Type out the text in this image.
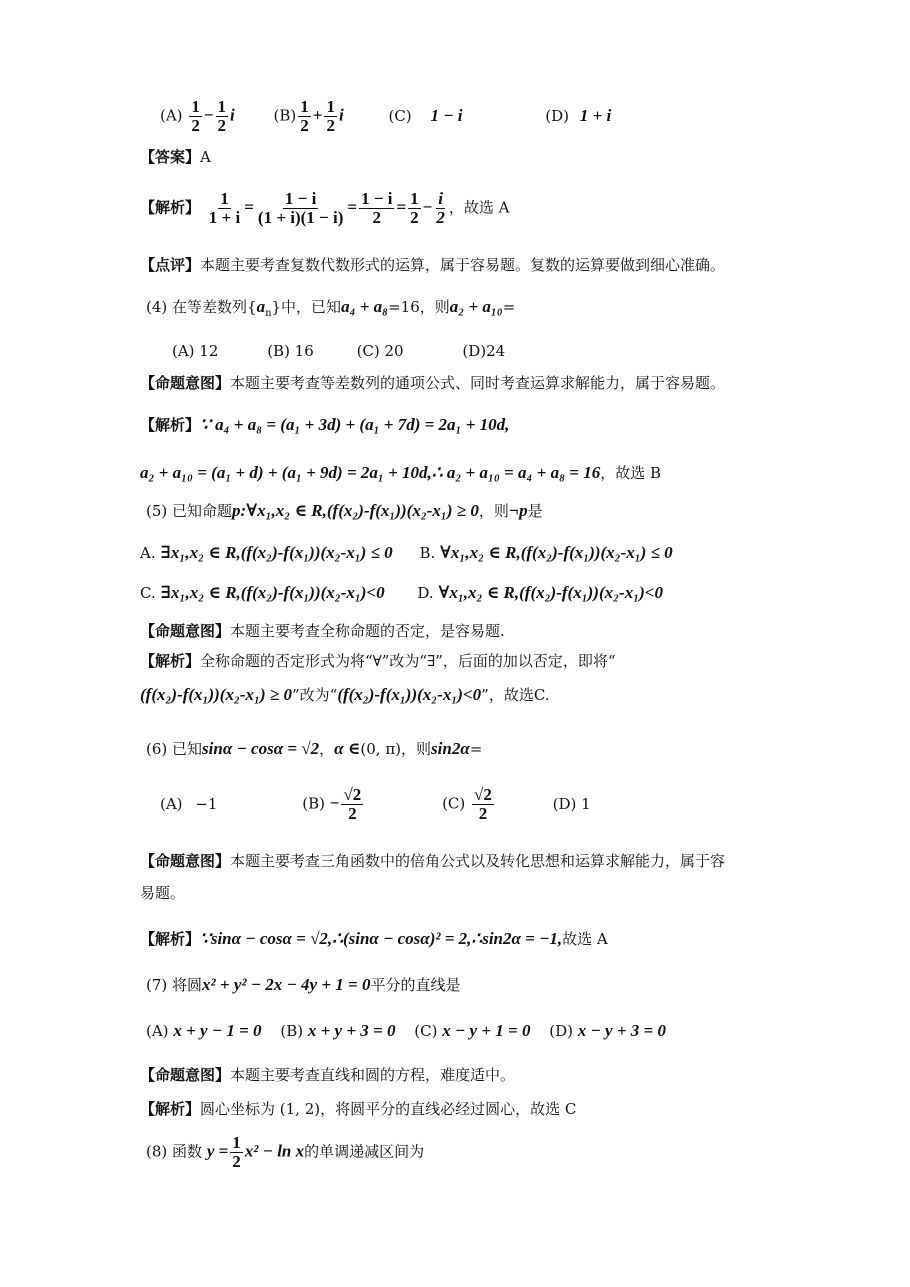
$(A) \frac{1}{2} - \frac{1}{2}$ i	$(B) \frac{1}{2} + \frac{1}{2}$ i	(C) 1 − i	(D) 1 + i
【答案】A
【解析】 $\frac{1}{1 + i} = \frac{1 - i}{(1 + i)(1 - i)} = \frac{1 - i}{2} = \frac{1}{2} - \frac{i}{2}$ ，故选 A
【点评】本题主要考查复数代数形式的运算，属于容易题。复数的运算要做到细心准确。
(4) 在等差数列$\{a_n\}$中，已知a₄ + a₈=16，则a₂ + a₁₀=
(A) 12	(B) 16	(C) 20	(D)24
【命题意图】本题主要考查等差数列的通项公式、同时考查运算求解能力，属于容易题。
【解析】∵ a₄ + a₈ = (a₁ + 3d) + (a₁ + 7d) = 2a₁ + 10d,
a₂ + a₁₀ = (a₁ + d) + (a₁ + 9d) = 2a₁ + 10d,∴ a₂ + a₁₀ = a₄ + a₈ = 16，故选 B
(5) 已知命题p:∀x₁,x₂ ∈ R,(f(x₂)-f(x₁))(x₂-x₁) ≥ 0，则¬p是
A. ∃x₁,x₂ ∈ R,(f(x₂)-f(x₁))(x₂-x₁) ≤ 0 B. ∀x₁,x₂ ∈ R,(f(x₂)-f(x₁))(x₂-x₁) ≤ 0
C. ∃x₁,x₂ ∈ R,(f(x₂)-f(x₁))(x₂-x₁)<0 D. ∀x₁,x₂ ∈ R,(f(x₂)-f(x₁))(x₂-x₁)<0
【命题意图】本题主要考查全称命题的否定，是容易题.
【解析】全称命题的否定形式为将“∀”改为“∃”，后面的加以否定，即将“
(f(x₂)-f(x₁))(x₂-x₁) ≥ 0”改为“(f(x₂)-f(x₁))(x₂-x₁)<0”，故选C.
(6) 已知sinα − cosα = √2，α ∈(0, π)，则sin2α=
(A) −1	$(B) - \frac{√2}{2}$	$(C) \frac{√2}{2}$	(D) 1
【命题意图】本题主要考查三角函数中的倍角公式以及转化思想和运算求解能力，属于容
易题。
【解析】∵sinα − cosα = √2,∴(sinα − cosα)² = 2,∴sin2α = −1,故选 A
(7) 将圆x² + y² − 2x − 4y + 1 = 0平分的直线是
(A) x + y − 1 = 0 (B) x + y + 3 = 0 (C) x − y + 1 = 0 (D) x − y + 3 = 0
【命题意图】本题主要考查直线和圆的方程，难度适中。
【解析】圆心坐标为 (1, 2)，将圆平分的直线必经过圆心，故选 C
(8) 函数 $y = \frac{1}{2} x^2 - \ln x$的单调递减区间为
